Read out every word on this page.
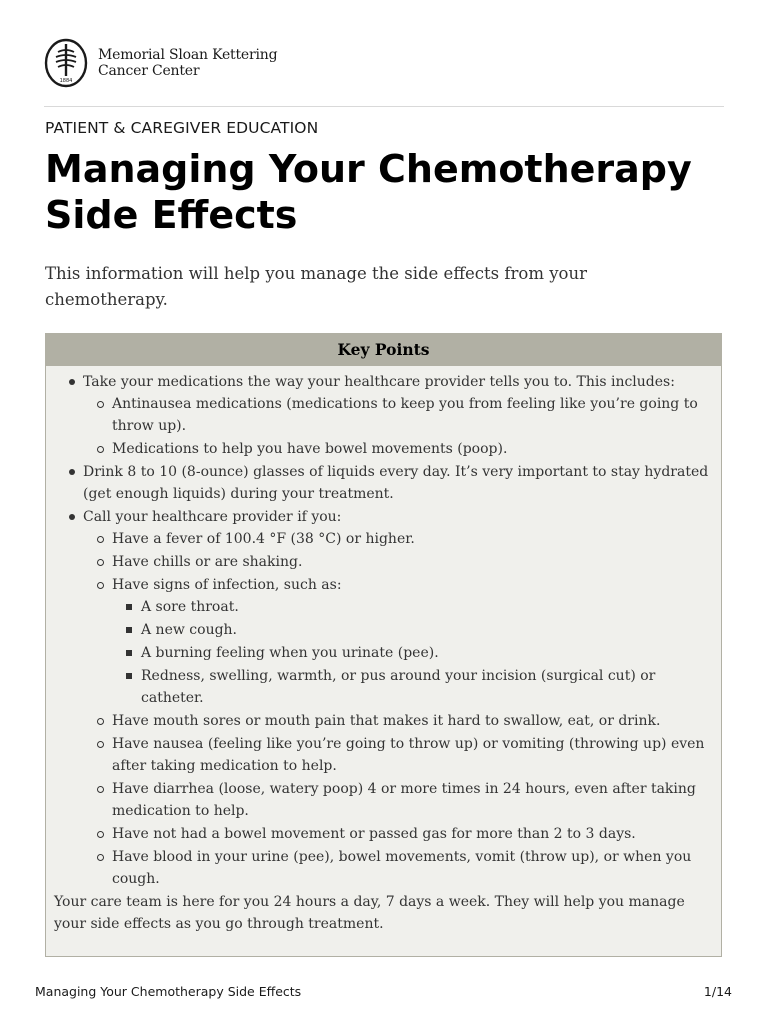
1884
Memorial Sloan Kettering
Cancer Center
PATIENT & CAREGIVER EDUCATION
Managing Your Chemotherapy Side Effects

This information will help you manage the side effects from your chemotherapy.

Key Points
Take your medications the way your healthcare provider tells you to. This includes:
Antinausea medications (medications to keep you from feeling like you’re going to throw up).
Medications to help you have bowel movements (poop).
Drink 8 to 10 (8-ounce) glasses of liquids every day. It’s very important to stay hydrated (get enough liquids) during your treatment.
Call your healthcare provider if you:
Have a fever of 100.4 °F (38 °C) or higher.
Have chills or are shaking.
Have signs of infection, such as:
A sore throat.
A new cough.
A burning feeling when you urinate (pee).
Redness, swelling, warmth, or pus around your incision (surgical cut) or catheter.
Have mouth sores or mouth pain that makes it hard to swallow, eat, or drink.
Have nausea (feeling like you’re going to throw up) or vomiting (throwing up) even after taking medication to help.
Have diarrhea (loose, watery poop) 4 or more times in 24 hours, even after taking medication to help.
Have not had a bowel movement or passed gas for more than 2 to 3 days.
Have blood in your urine (pee), bowel movements, vomit (throw up), or when you cough.
Your care team is here for you 24 hours a day, 7 days a week. They will help you manage your side effects as you go through treatment.
Managing Your Chemotherapy Side Effects	1/14
